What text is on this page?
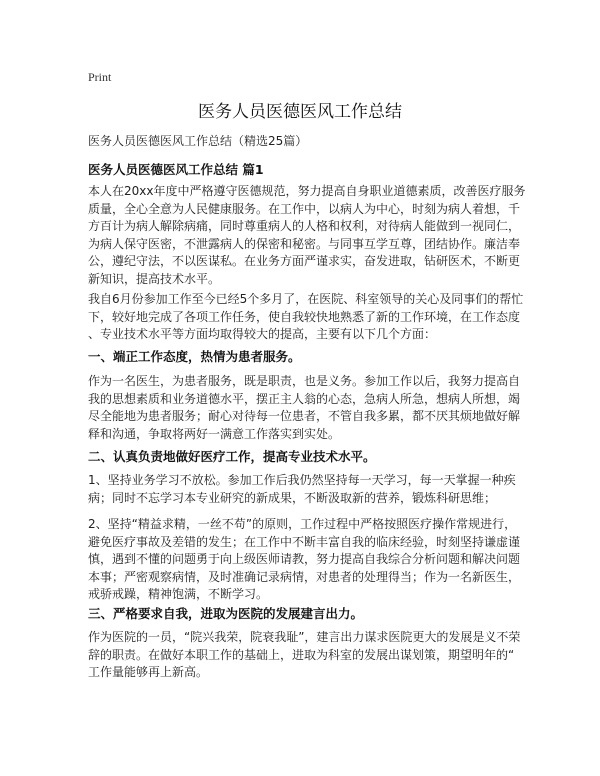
Print
医务人员医德医风工作总结
医务人员医德医风工作总结（精选25篇）
医务人员医德医风工作总结 篇1

本人在20xx年度中严格遵守医德规范，努力提高自身职业道德素质，改善医疗服务
质量，全心全意为人民健康服务。在工作中，以病人为中心，时刻为病人着想，千
方百计为病人解除病痛，同时尊重病人的人格和权利，对待病人能做到一视同仁，
为病人保守医密，不泄露病人的保密和秘密。与同事互学互尊，团结协作。廉洁奉
公，遵纪守法，不以医谋私。在业务方面严谨求实，奋发进取，钻研医术，不断更
新知识，提高技术水平。

我自6月份参加工作至今已经5个多月了，在医院、科室领导的关心及同事们的帮忙
下，较好地完成了各项工作任务，使自我较快地熟悉了新的工作环境，在工作态度
、专业技术水平等方面均取得较大的提高，主要有以下几个方面：

一、端正工作态度，热情为患者服务。

作为一名医生，为患者服务，既是职责，也是义务。参加工作以后，我努力提高自
我的思想素质和业务道德水平，摆正主人翁的心态，急病人所急，想病人所想，竭
尽全能地为患者服务；耐心对待每一位患者，不管自我多累，都不厌其烦地做好解
释和沟通，争取将两好一满意工作落实到实处。

二、认真负责地做好医疗工作，提高专业技术水平。

1、坚持业务学习不放松。参加工作后我仍然坚持每一天学习，每一天掌握一种疾
病；同时不忘学习本专业研究的新成果，不断汲取新的营养，锻炼科研思维；

2、坚持“精益求精，一丝不苟”的原则，工作过程中严格按照医疗操作常规进行，
避免医疗事故及差错的发生；在工作中不断丰富自我的临床经验，时刻坚持谦虚谨
慎，遇到不懂的问题勇于向上级医师请教，努力提高自我综合分析问题和解决问题
本事；严密观察病情，及时准确记录病情，对患者的处理得当；作为一名新医生，
戒骄戒躁，精神饱满，不断学习。

三、严格要求自我，进取为医院的发展建言出力。

作为医院的一员，“院兴我荣，院衰我耻”，建言出力谋求医院更大的发展是义不荣
辞的职责。在做好本职工作的基础上，进取为科室的发展出谋划策，期望明年的“
工作量能够再上新高。
